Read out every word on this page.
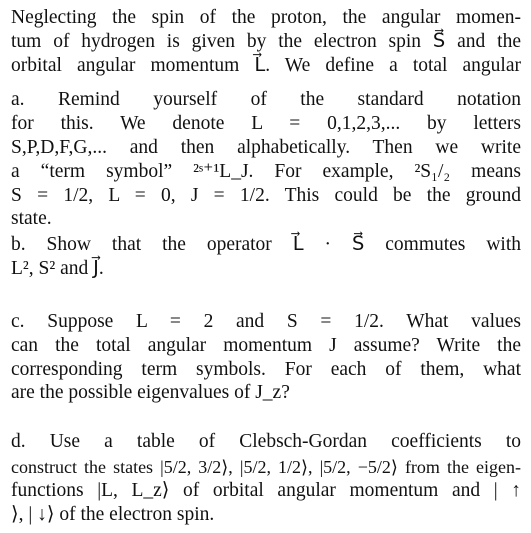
Neglecting the spin of the proton, the angular momen-
tum of hydrogen is given by the electron spin S⃗ and the
orbital angular momentum L⃗. We define a total angular
a. Remind yourself of the standard notation
for this. We denote L = 0,1,2,3,... by letters
S,P,D,F,G,... and then alphabetically. Then we write
a “term symbol” ²ˢ⁺¹L_J. For example, ²S₁/₂ means
S = 1/2, L = 0, J = 1/2. This could be the ground
state.
b. Show that the operator L⃗ · S⃗ commutes with
L², S² and J⃗.
c. Suppose L = 2 and S = 1/2. What values
can the total angular momentum J assume? Write the
corresponding term symbols. For each of them, what
are the possible eigenvalues of J_z?
d. Use a table of Clebsch-Gordan coefficients to
construct the states |5/2, 3/2⟩, |5/2, 1/2⟩, |5/2, −5/2⟩ from the eigen-
functions |L, L_z⟩ of orbital angular momentum and | ↑
⟩, | ↓⟩ of the electron spin.
